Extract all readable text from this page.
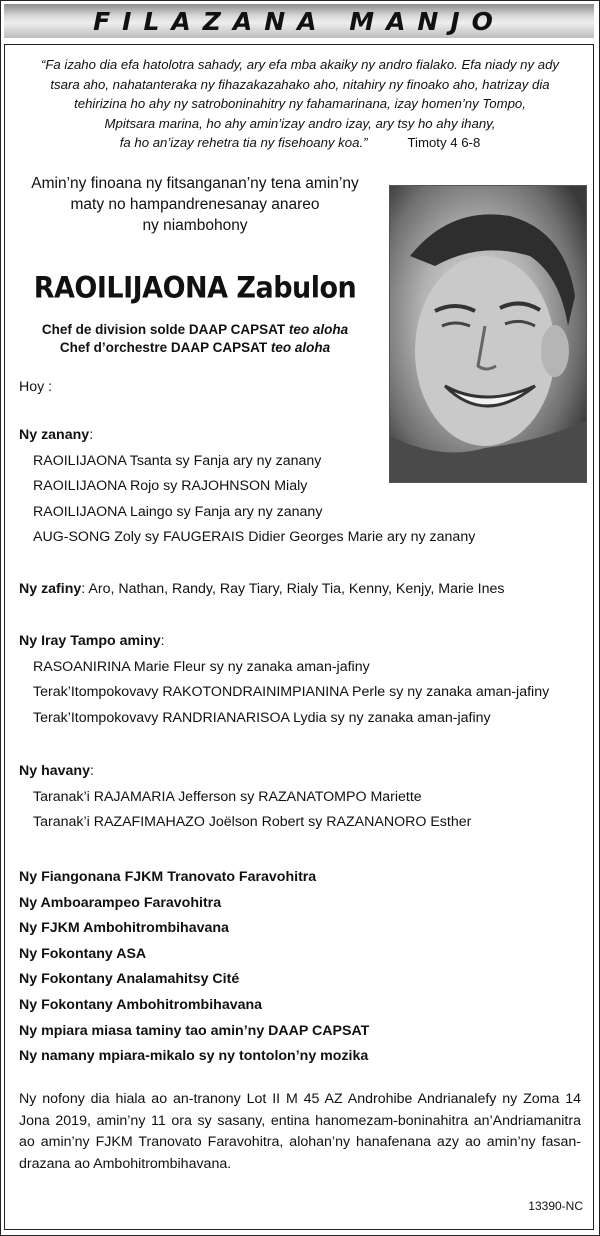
FILAZANA MANJO
“Fa izaho dia efa hatolotra sahady, ary efa mba akaiky ny andro fialako. Efa niady ny ady
tsara aho, nahatanteraka ny fihazakazahako aho, nitahiry ny finoako aho, hatrizay dia
tehirizina ho ahy ny satroboninahitry ny fahamarinana, izay homen’ny Tompo,
Mpitsara marina, ho ahy amin’izay andro izay, ary tsy ho ahy ihany,
fa ho an’izay rehetra tia ny fisehoany koa.”	Timoty 4 6-8
Amin’ny finoana ny fitsanganan’ny tena amin’ny
maty no hampandrenesanay anareo
ny niambohony
RAOILIJAONA Zabulon
Chef de division solde DAAP CAPSAT teo aloha
Chef d’orchestre DAAP CAPSAT teo aloha
Hoy :
Ny zanany:
RAOILIJAONA Tsanta sy Fanja ary ny zanany
RAOILIJAONA Rojo sy RAJOHNSON Mialy
RAOILIJAONA Laingo sy Fanja ary ny zanany
AUG-SONG Zoly sy FAUGERAIS Didier Georges Marie ary ny zanany
Ny zafiny: Aro, Nathan, Randy, Ray Tiary, Rialy Tia, Kenny, Kenjy, Marie Ines
Ny Iray Tampo aminy:
RASOANIRINA Marie Fleur sy ny zanaka aman-jafiny
Terak’Itompokovavy RAKOTONDRAINIMPIANINA Perle sy ny zanaka aman-jafiny
Terak’Itompokovavy RANDRIANARISOA Lydia sy ny zanaka aman-jafiny
Ny havany:
Taranak’i RAJAMARIA Jefferson sy RAZANATOMPO Mariette
Taranak’i RAZAFIMAHAZO Joëlson Robert sy RAZANANORO Esther
Ny Fiangonana FJKM Tranovato Faravohitra
Ny Amboarampeo Faravohitra
Ny FJKM Ambohitrombihavana
Ny Fokontany ASA
Ny Fokontany Analamahitsy Cité
Ny Fokontany Ambohitrombihavana
Ny mpiara miasa taminy tao amin’ny DAAP CAPSAT
Ny namany mpiara-mikalo sy ny tontolon’ny mozika
Ny nofony dia hiala ao an-tranony Lot II M 45 AZ Androhibe Andrianalefy ny Zoma 14 Jona 2019, amin’ny 11 ora sy sasany, entina hanomezam-boninahitra an’Andriamanitra ao amin’ny FJKM Tranovato Faravohitra, alohan’ny hanafenana azy ao amin’ny fasan-drazana ao Ambohitrombihavana.
13390-NC
